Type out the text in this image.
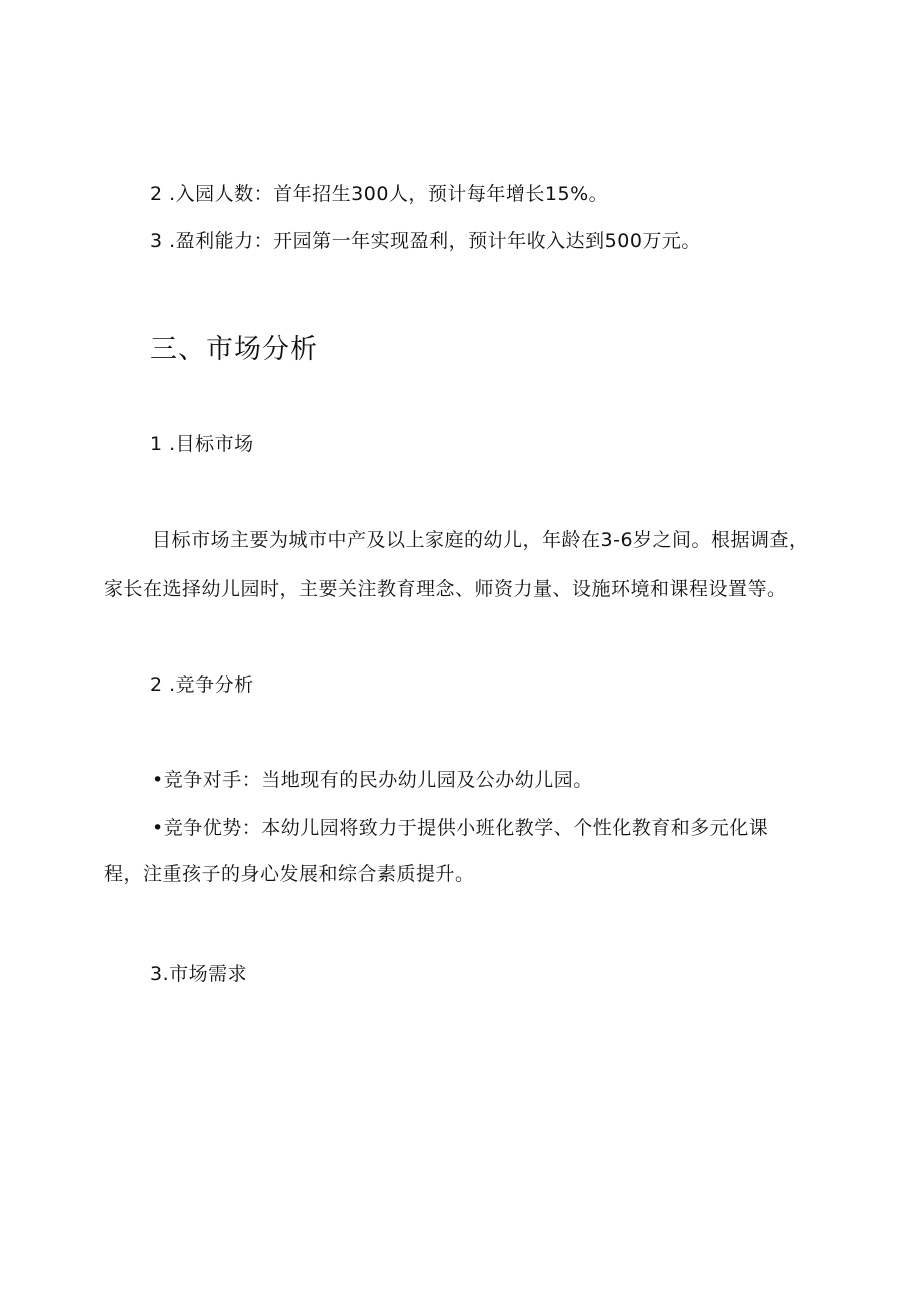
2 .入园人数：首年招生300人，预计每年增长15%。
3 .盈利能力：开园第一年实现盈利，预计年收入达到500万元。
三、市场分析
1 .目标市场
目标市场主要为城市中产及以上家庭的幼儿，年龄在3-6岁之间。根据调查，
家长在选择幼儿园时，主要关注教育理念、师资力量、设施环境和课程设置等。
2 .竞争分析
•竞争对手：当地现有的民办幼儿园及公办幼儿园。
•竞争优势：本幼儿园将致力于提供小班化教学、个性化教育和多元化课
程，注重孩子的身心发展和综合素质提升。
3.市场需求
